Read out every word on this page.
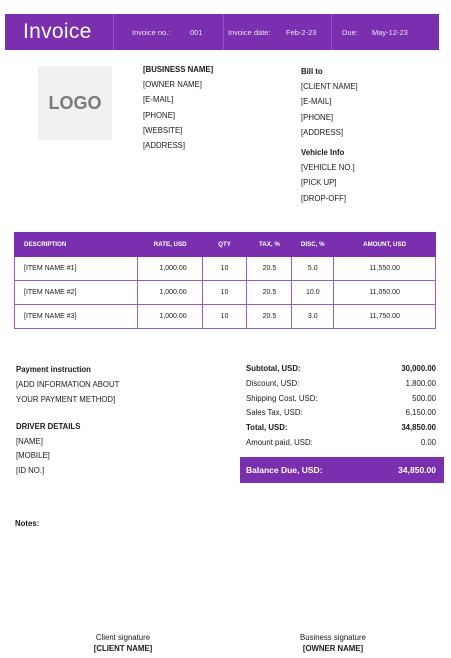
Invoice	Invoice no.:	001	Invoice date:	Feb-2-23	Due:	May-12-23
LOGO
[BUSINESS NAME]
[OWNER NAME]
[E-MAIL]
[PHONE]
[WEBSITE]
[ADDRESS]
Bill to
[CLIENT NAME]
[E-MAIL]
[PHONE]
[ADDRESS]
Vehicle Info
[VEHICLE NO.]
[PICK UP]
[DROP-OFF]
DESCRIPTION	RATE, USD	QTY	TAX, %	DISC, %	AMOUNT, USD
[ITEM NAME #1]	1,000.00	10	20.5	5.0	11,550.00
[ITEM NAME #2]	1,000.00	10	20.5	10.0	11,050.00
[ITEM NAME #3]	1,000.00	10	20.5	3.0	11,750.00
Payment instruction
[ADD INFORMATION ABOUT
YOUR PAYMENT METHOD]
DRIVER DETAILS
[NAME]
[MOBILE]
[ID NO.]
Subtotal, USD:	30,000.00
Discount, USD:	1,800.00
Shipping Cost, USD:	500.00
Sales Tax, USD:	6,150.00
Total, USD:	34,850.00
Amount paid, USD:	0.00
Balance Due, USD:	34,850.00
Notes:
Client signature
[CLIENT NAME]
Business signature
[OWNER NAME]
